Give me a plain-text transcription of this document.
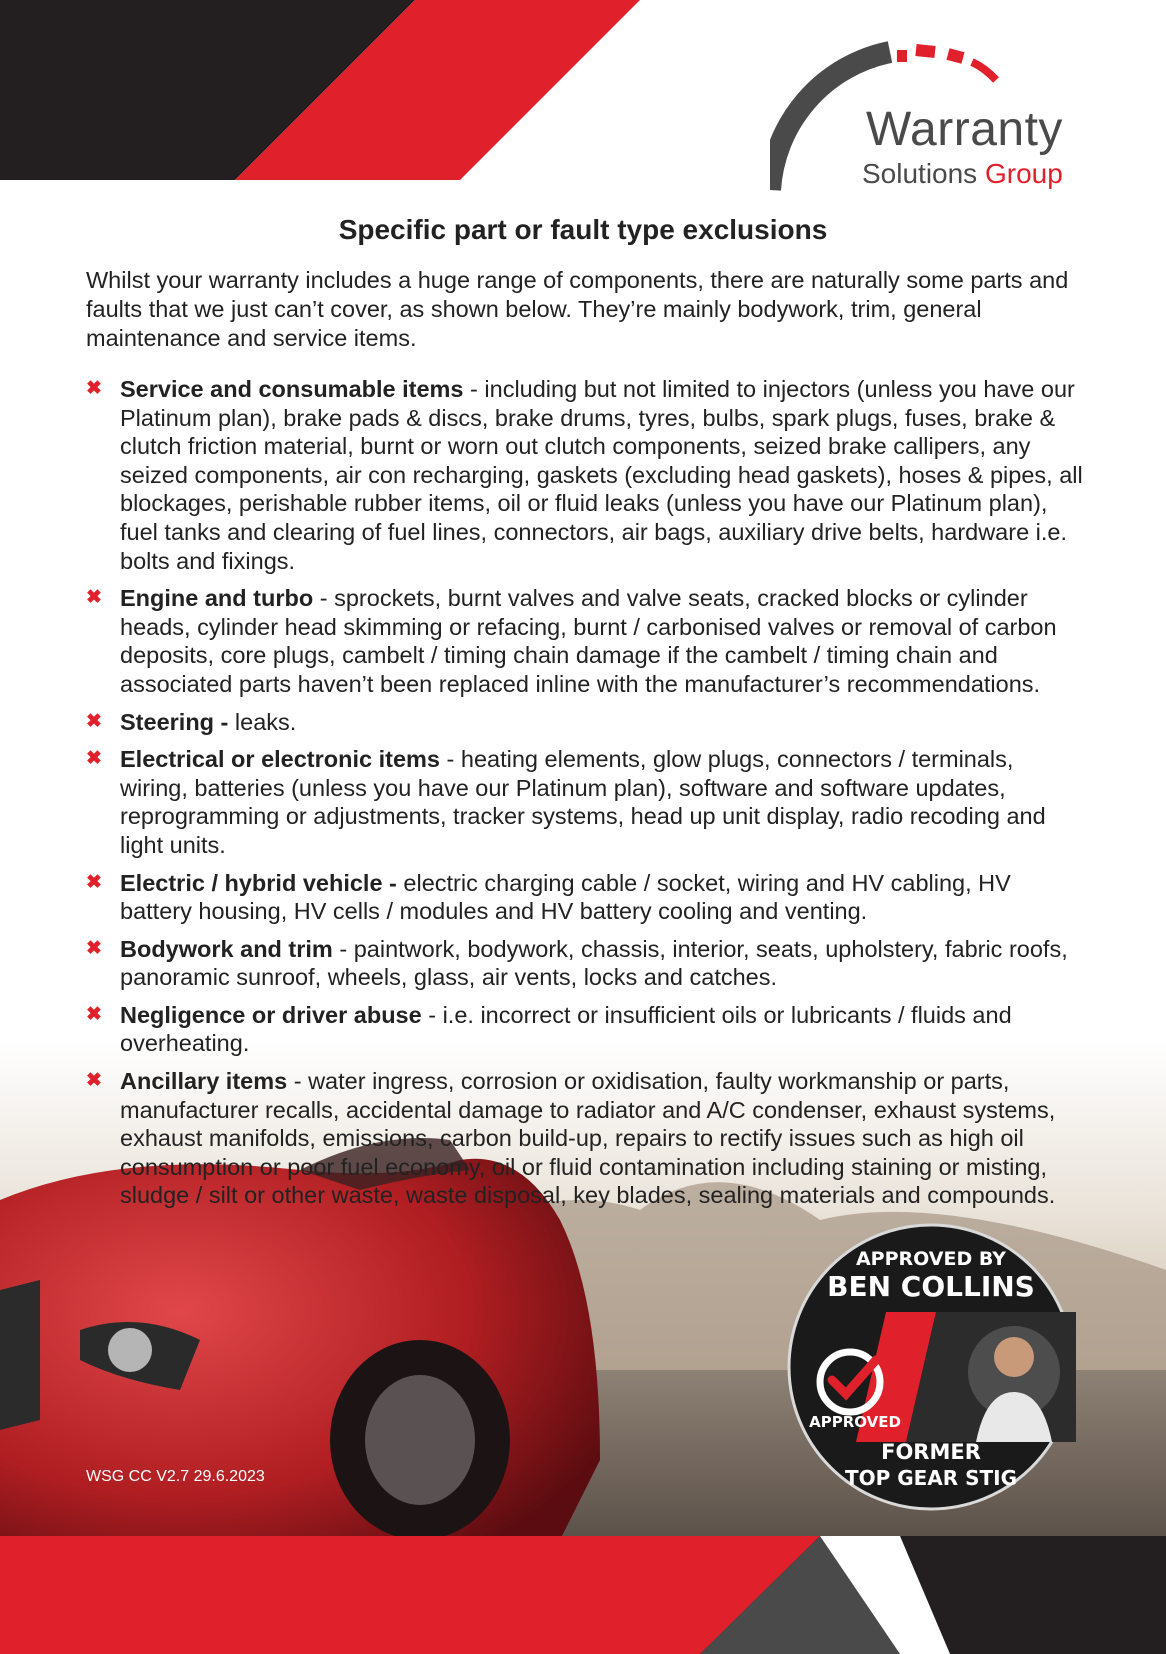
Warranty
Solutions Group
Specific part or fault type exclusions
Whilst your warranty includes a huge range of components, there are naturally some parts and faults that we just can’t cover, as shown below. They’re mainly bodywork, trim, general maintenance and service items.
✖ Service and consumable items - including but not limited to injectors (unless you have our Platinum plan), brake pads & discs, brake drums, tyres, bulbs, spark plugs, fuses, brake & clutch friction material, burnt or worn out clutch components, seized brake callipers, any seized components, air con recharging, gaskets (excluding head gaskets), hoses & pipes, all blockages, perishable rubber items, oil or fluid leaks (unless you have our Platinum plan), fuel tanks and clearing of fuel lines, connectors, air bags, auxiliary drive belts, hardware i.e. bolts and fixings.
✖ Engine and turbo - sprockets, burnt valves and valve seats, cracked blocks or cylinder heads, cylinder head skimming or refacing, burnt / carbonised valves or removal of carbon deposits, core plugs, cambelt / timing chain damage if the cambelt / timing chain and associated parts haven’t been replaced inline with the manufacturer’s recommendations.
✖ Steering - leaks.
✖ Electrical or electronic items - heating elements, glow plugs, connectors / terminals, wiring, batteries (unless you have our Platinum plan), software and software updates, reprogramming or adjustments, tracker systems, head up unit display, radio recoding and light units.
✖ Electric / hybrid vehicle - electric charging cable / socket, wiring and HV cabling, HV battery housing, HV cells / modules and HV battery cooling and venting.
✖ Bodywork and trim - paintwork, bodywork, chassis, interior, seats, upholstery, fabric roofs, panoramic sunroof, wheels, glass, air vents, locks and catches.
✖ Negligence or driver abuse - i.e. incorrect or insufficient oils or lubricants / fluids and overheating.
✖ Ancillary items - water ingress, corrosion or oxidisation, faulty workmanship or parts, manufacturer recalls, accidental damage to radiator and A/C condenser, exhaust systems, exhaust manifolds, emissions, carbon build-up, repairs to rectify issues such as high oil consumption or poor fuel economy, oil or fluid contamination including staining or misting, sludge / silt or other waste, waste disposal, key blades, sealing materials and compounds.
WSG CC V2.7 29.6.2023
APPROVED BY
BEN COLLINS
APPROVED
FORMER
TOP GEAR STIG
